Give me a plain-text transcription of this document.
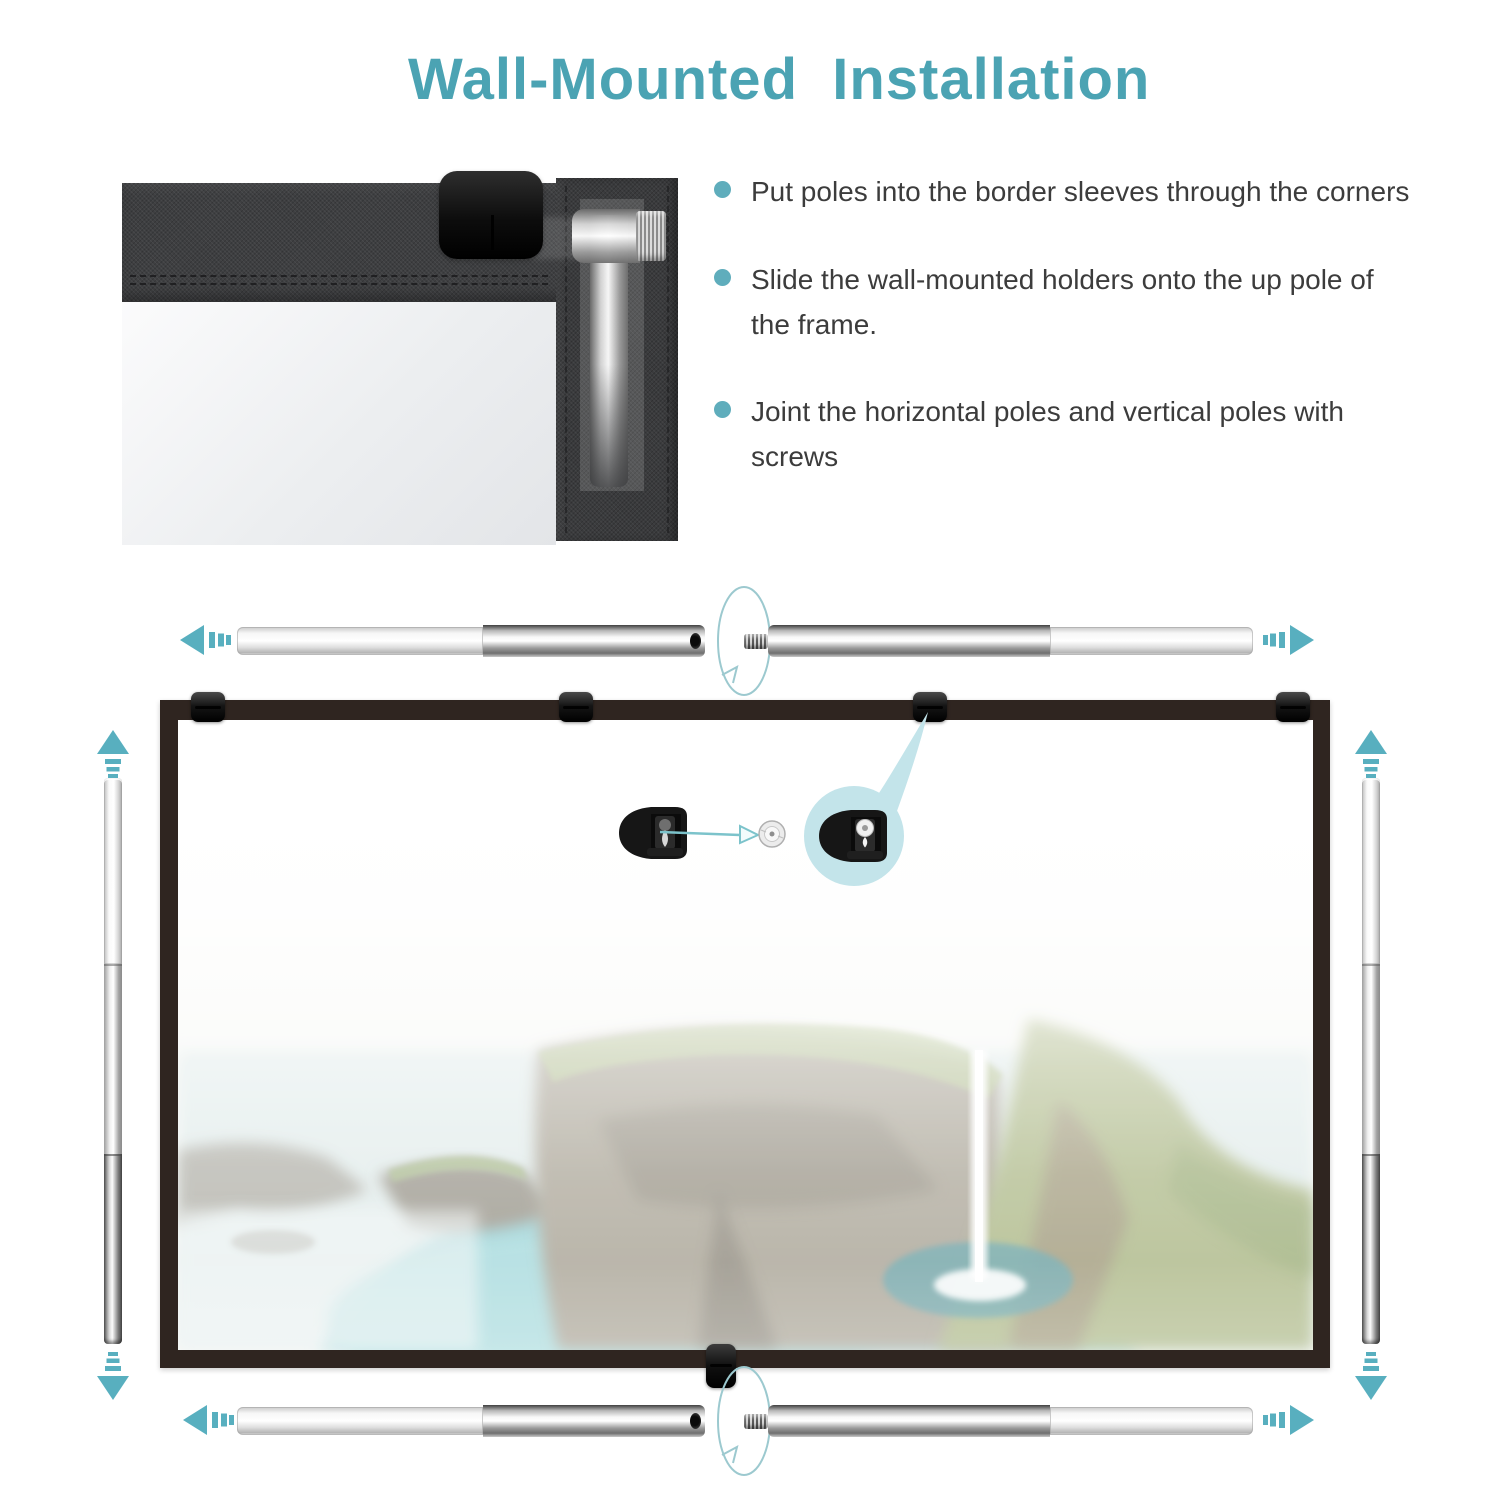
Wall-Mounted  Installation
Put poles into the border sleeves through the corners
Slide the wall-mounted holders onto the up pole of the frame.
Joint the horizontal poles and vertical poles with screws
